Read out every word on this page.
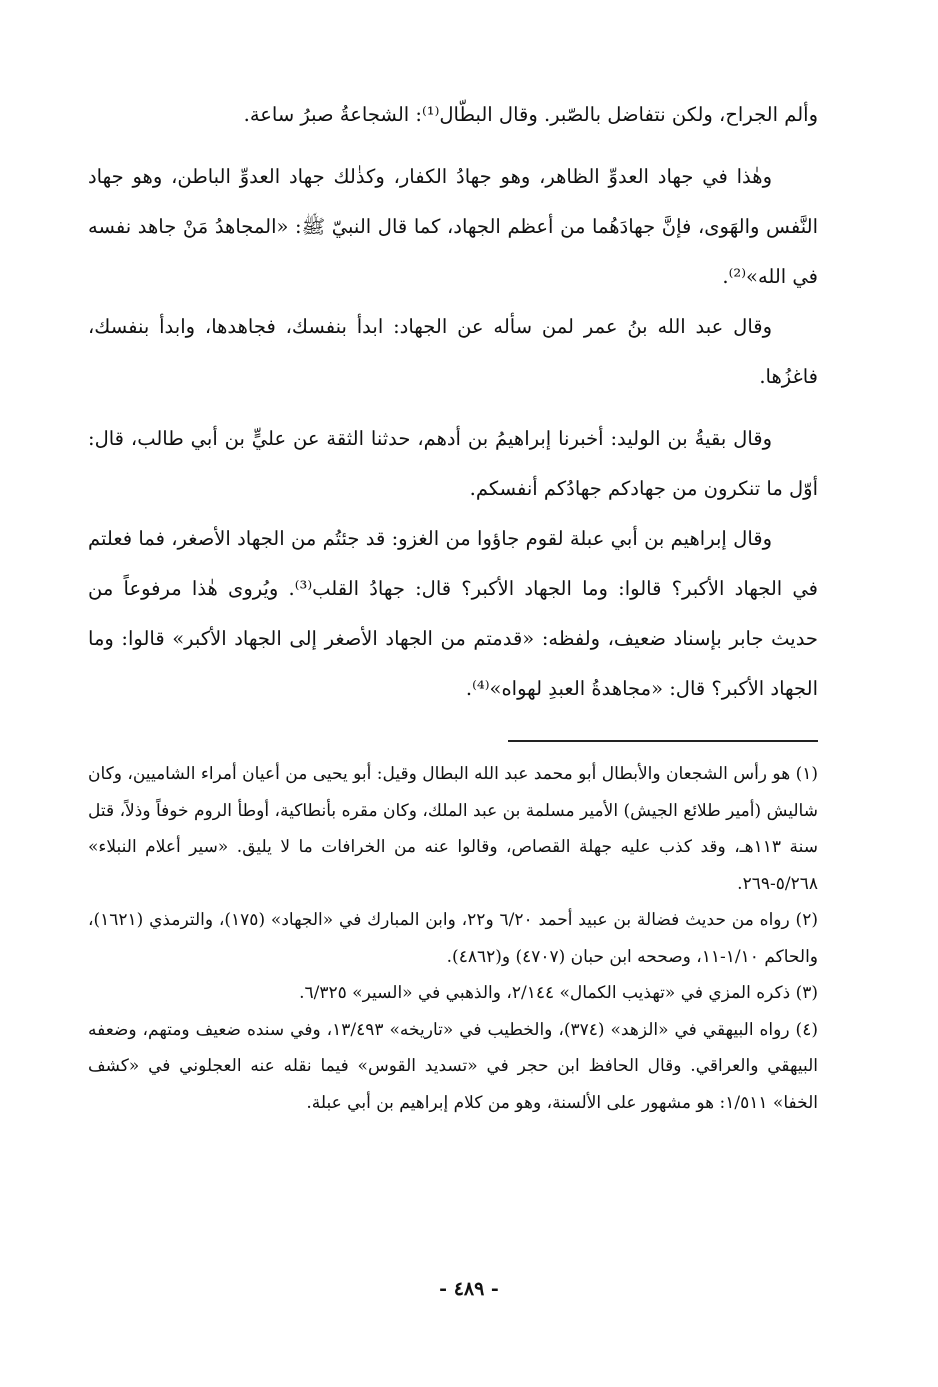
وألم الجراح، ولكن نتفاضل بالصّبر. وقال البطّال⁽¹⁾: الشجاعةُ صبرُ ساعة.

وهٰذا في جهاد العدوِّ الظاهر، وهو جهادُ الكفار، وكذٰلك جهاد العدوِّ الباطن، وهو جهاد النَّفس والهَوى، فإنَّ جهادَهُما من أعظم الجهاد، كما قال النبيّ ﷺ: «المجاهدُ مَنْ جاهد نفسه في الله»⁽²⁾.

وقال عبد الله بنُ عمر لمن سأله عن الجهاد: ابدأ بنفسك، فجاهدها، وابدأ بنفسك، فاغزُها.

وقال بقيةُ بن الوليد: أخبرنا إبراهيمُ بن أدهم، حدثنا الثقة عن عليٍّ بن أبي طالب، قال: أوّل ما تنكرون من جهادكم جهادُكم أنفسكم.

وقال إبراهيم بن أبي عبلة لقوم جاؤوا من الغزو: قد جئتُم من الجهاد الأصغر، فما فعلتم في الجهاد الأكبر؟ قالوا: وما الجهاد الأكبر؟ قال: جهادُ القلب⁽³⁾. ويُروى هٰذا مرفوعاً من حديث جابر بإسناد ضعيف، ولفظه: «قدمتم من الجهاد الأصغر إلى الجهاد الأكبر» قالوا: وما الجهاد الأكبر؟ قال: «مجاهدةُ العبدِ لهواه»⁽⁴⁾.

(١) هو رأس الشجعان والأبطال أبو محمد عبد الله البطال وقيل: أبو يحيى من أعيان أمراء الشاميين، وكان شاليش (أمير طلائع الجيش) الأمير مسلمة بن عبد الملك، وكان مقره بأنطاكية، أوطأ الروم خوفاً وذلاً، قتل سنة ١١٣هـ، وقد كذب عليه جهلة القصاص، وقالوا عنه من الخرافات ما لا يليق. «سير أعلام النبلاء» ٥/٢٦٨-٢٦٩.

(٢) رواه من حديث فضالة بن عبيد أحمد ٦/٢٠ و٢٢، وابن المبارك في «الجهاد» (١٧٥)، والترمذي (١٦٢١)، والحاكم ١/١٠-١١، وصححه ابن حبان (٤٧٠٧) و(٤٨٦٢).

(٣) ذكره المزي في «تهذيب الكمال» ٢/١٤٤، والذهبي في «السير» ٦/٣٢٥.

(٤) رواه البيهقي في «الزهد» (٣٧٤)، والخطيب في «تاريخه» ١٣/٤٩٣، وفي سنده ضعيف ومتهم، وضعفه البيهقي والعراقي. وقال الحافظ ابن حجر في «تسديد القوس» فيما نقله عنه العجلوني في «كشف الخفا» ١/٥١١: هو مشهور على الألسنة، وهو من كلام إبراهيم بن أبي عبلة.

- ٤٨٩ -
